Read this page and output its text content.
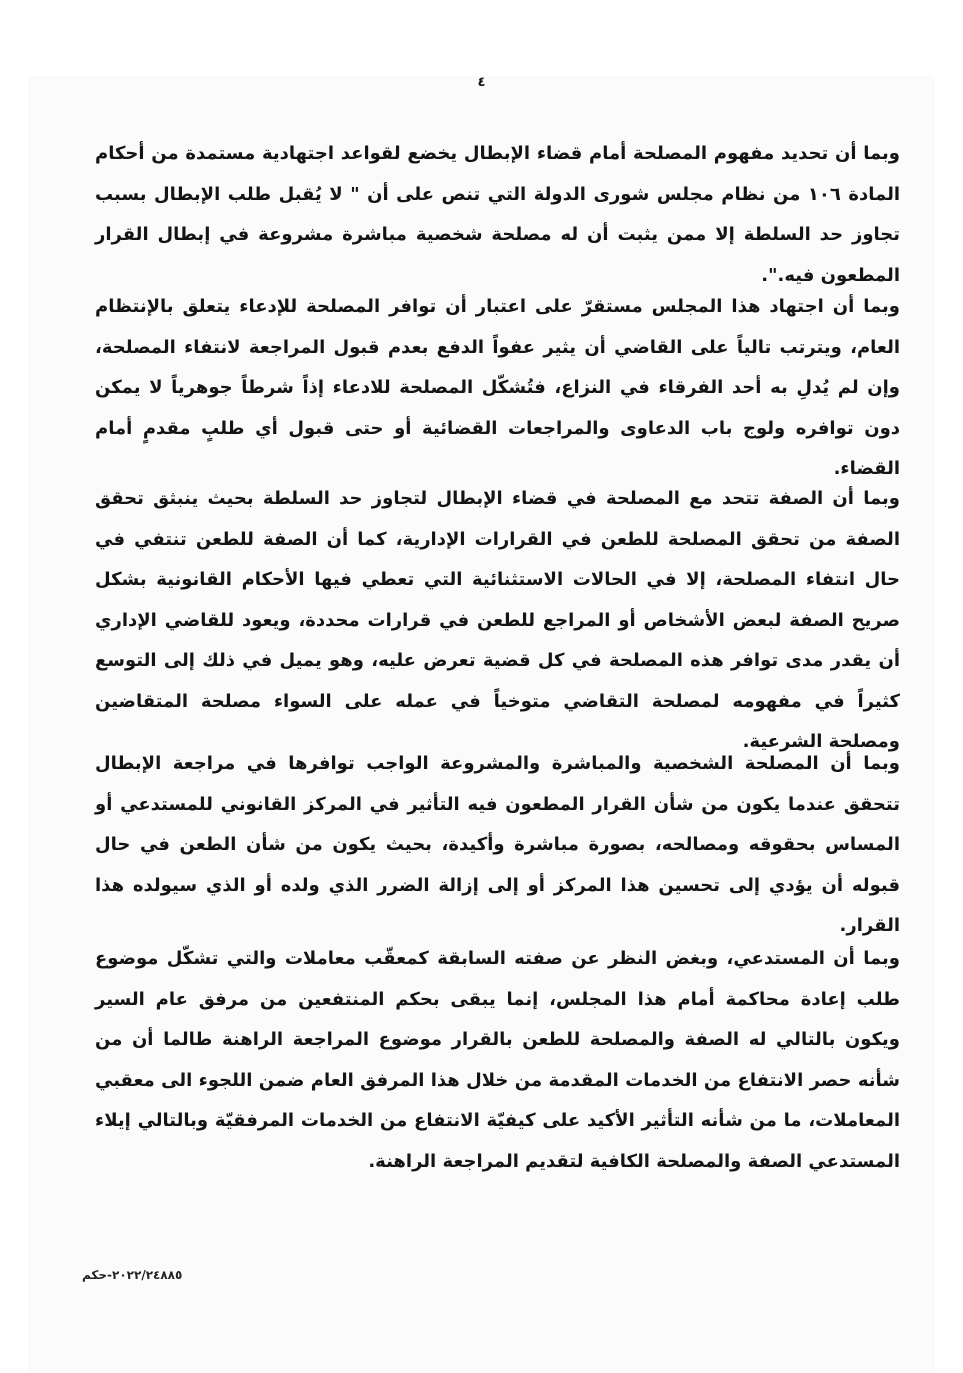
٤

وبما أن تحديد مفهوم المصلحة أمام قضاء الإبطال يخضع لقواعد اجتهادية مستمدة من أحكام المادة ١٠٦ من نظام مجلس شورى الدولة التي تنص على أن " لا يُقبل طلب الإبطال بسبب تجاوز حد السلطة إلا ممن يثبت أن له مصلحة شخصية مباشرة مشروعة في إبطال القرار المطعون فيه.".

وبما أن اجتهاد هذا المجلس مستقرّ على اعتبار أن توافر المصلحة للإدعاء يتعلق بالإنتظام العام، ويترتب تالياً على القاضي أن يثير عفواً الدفع بعدم قبول المراجعة لانتفاء المصلحة، وإن لم يُدلِ به أحد الفرقاء في النزاع، فتُشكّل المصلحة للادعاء إذاً شرطاً جوهرياً لا يمكن دون توافره ولوج باب الدعاوى والمراجعات القضائية أو حتى قبول أي طلبٍ مقدمٍ أمام القضاء.

وبما أن الصفة تتحد مع المصلحة في قضاء الإبطال لتجاوز حد السلطة بحيث ينبثق تحقق الصفة من تحقق المصلحة للطعن في القرارات الإدارية، كما أن الصفة للطعن تنتفي في حال انتفاء المصلحة، إلا في الحالات الاستثنائية التي تعطي فيها الأحكام القانونية بشكل صريح الصفة لبعض الأشخاص أو المراجع للطعن في قرارات محددة، ويعود للقاضي الإداري أن يقدر مدى توافر هذه المصلحة في كل قضية تعرض عليه، وهو يميل في ذلك إلى التوسع كثيراً في مفهومه لمصلحة التقاضي متوخياً في عمله على السواء مصلحة المتقاضين ومصلحة الشرعية.

وبما أن المصلحة الشخصية والمباشرة والمشروعة الواجب توافرها في مراجعة الإبطال تتحقق عندما يكون من شأن القرار المطعون فيه التأثير في المركز القانوني للمستدعي أو المساس بحقوقه ومصالحه، بصورة مباشرة وأكيدة، بحيث يكون من شأن الطعن في حال قبوله أن يؤدي إلى تحسين هذا المركز أو إلى إزالة الضرر الذي ولده أو الذي سيولده هذا القرار.

وبما أن المستدعي، وبغض النظر عن صفته السابقة كمعقّب معاملات والتي تشكّل موضوع طلب إعادة محاكمة أمام هذا المجلس، إنما يبقى بحكم المنتفعين من مرفق عام السير ويكون بالتالي له الصفة والمصلحة للطعن بالقرار موضوع المراجعة الراهنة طالما أن من شأنه حصر الانتفاع من الخدمات المقدمة من خلال هذا المرفق العام ضمن اللجوء الى معقبي المعاملات، ما من شأنه التأثير الأكيد على كيفيّة الانتفاع من الخدمات المرفقيّة وبالتالي إيلاء المستدعي الصفة والمصلحة الكافية لتقديم المراجعة الراهنة.

٢٠٢٢/٢٤٨٨٥-حكم
